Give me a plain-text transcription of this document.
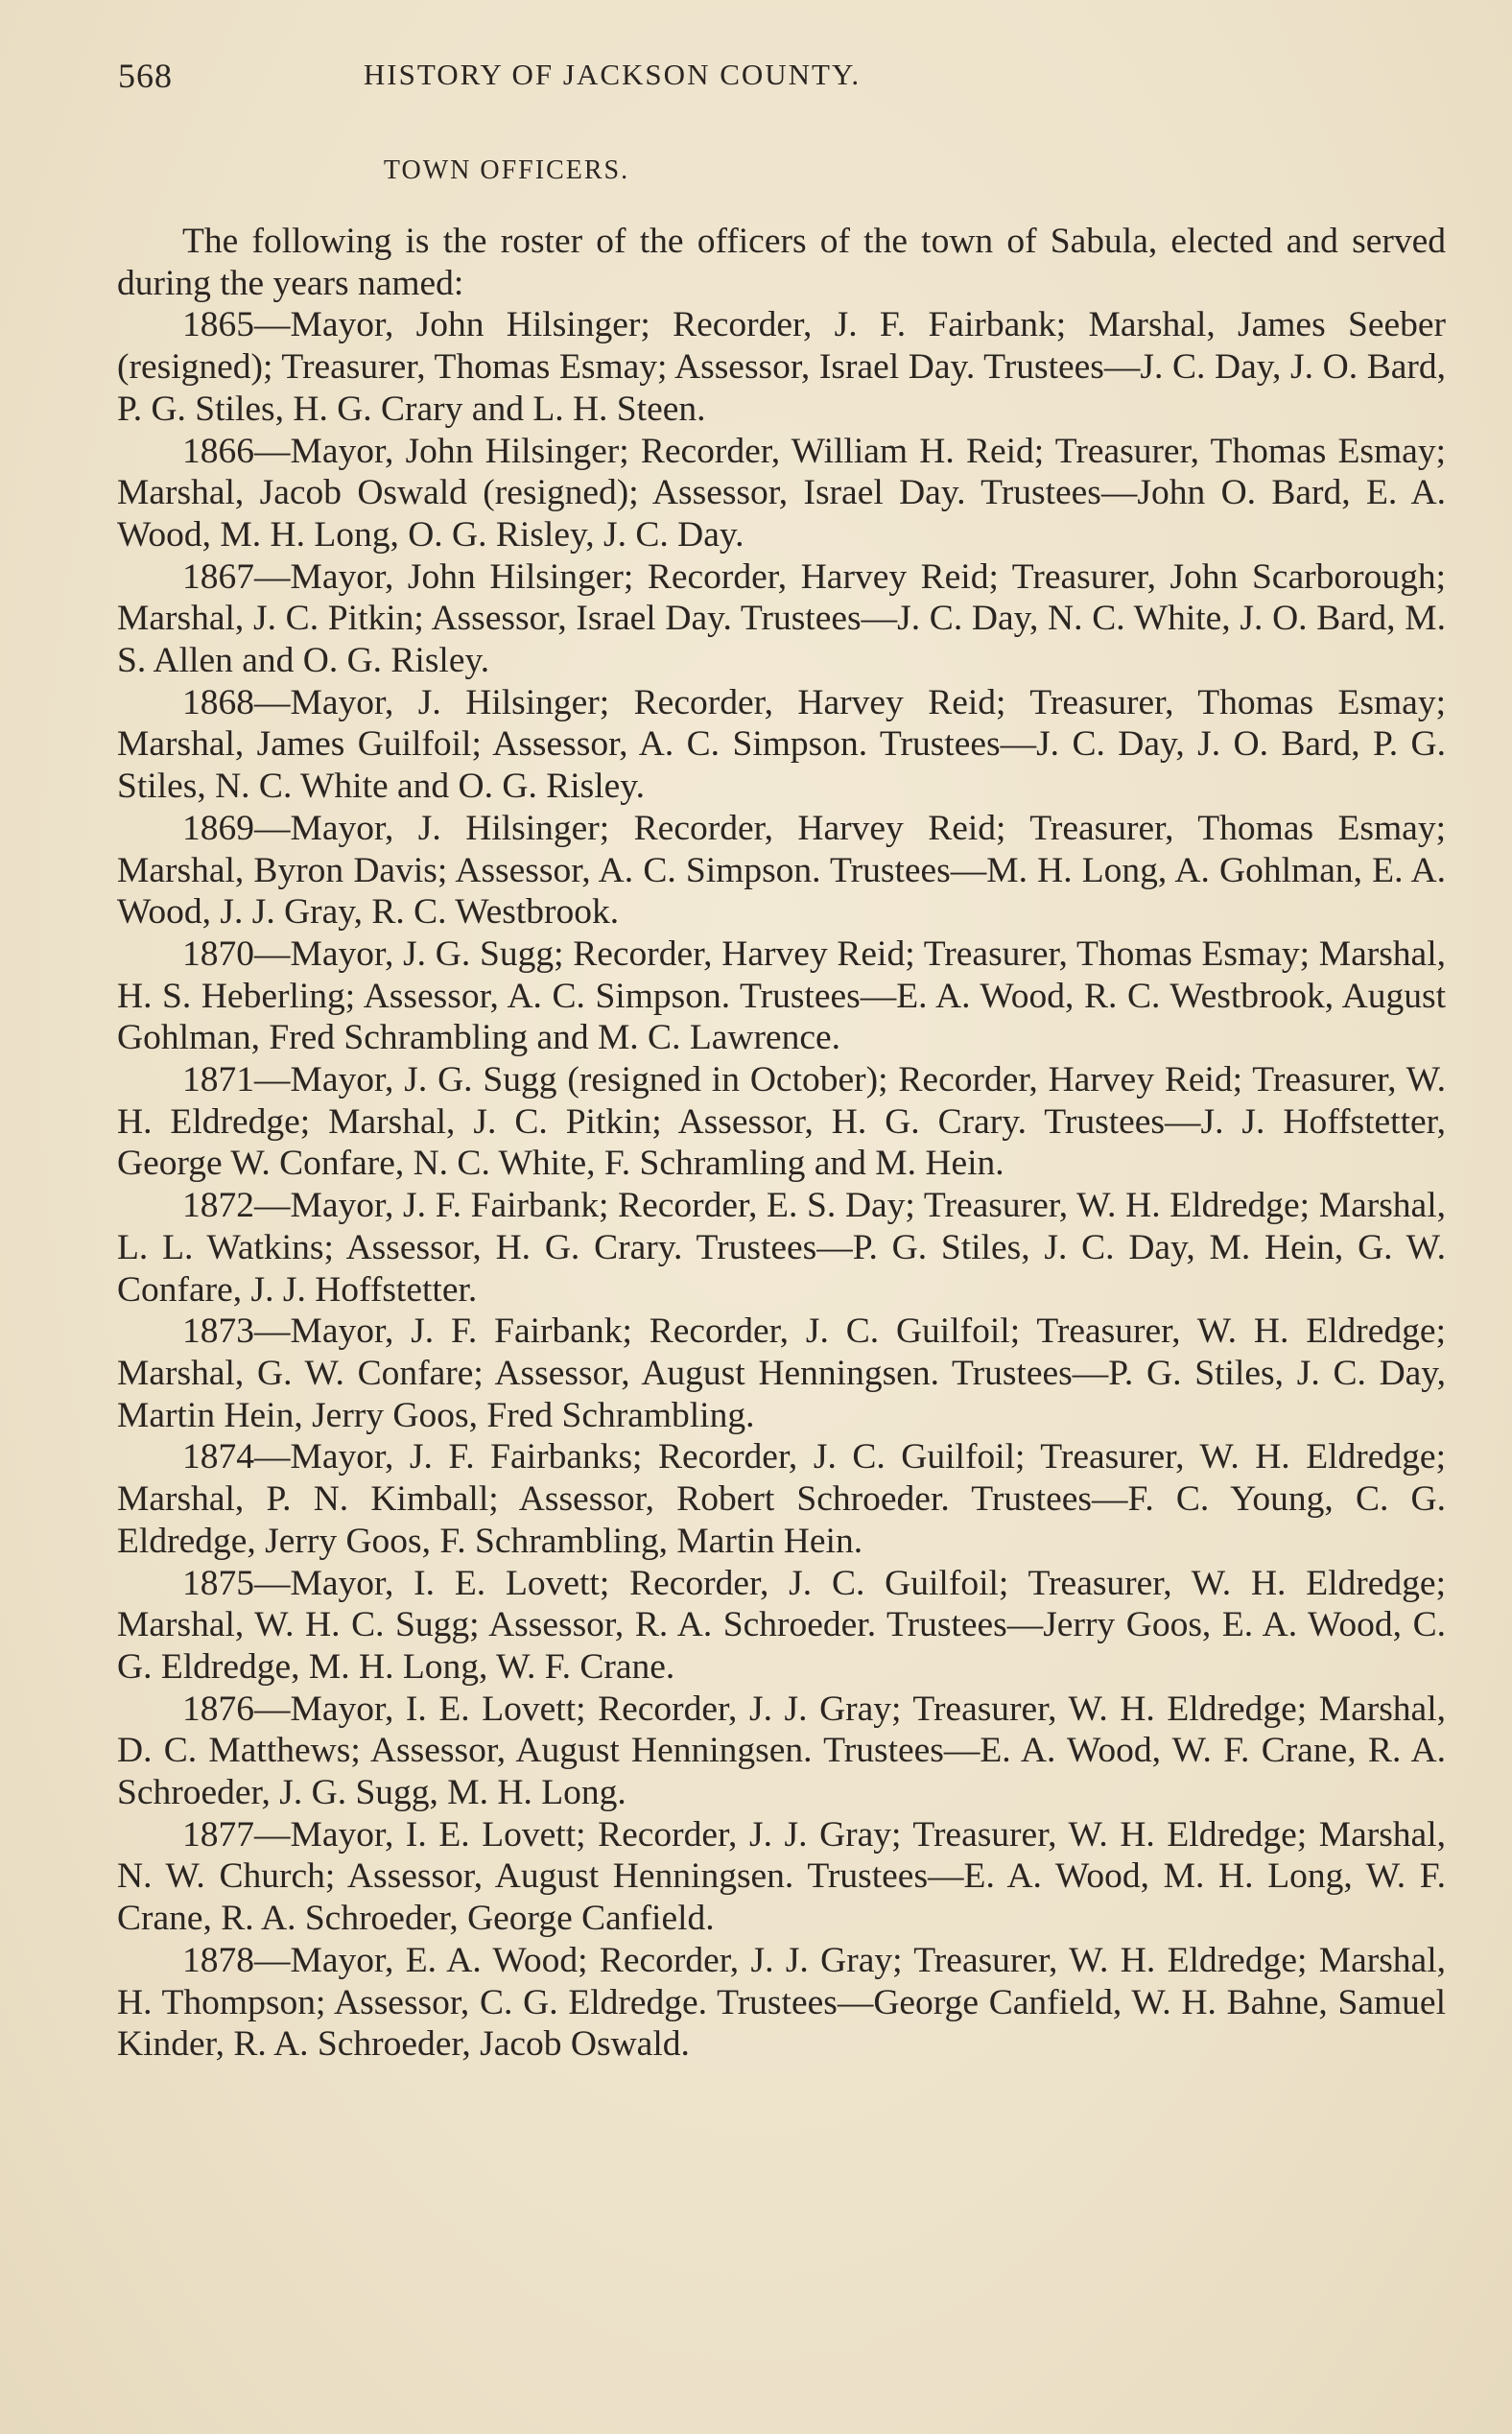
568	HISTORY OF JACKSON COUNTY.
TOWN OFFICERS.

The following is the roster of the officers of the town of Sabula, elected and served during the years named:

1865—Mayor, John Hilsinger; Recorder, J. F. Fairbank; Marshal, James Seeber (resigned); Treasurer, Thomas Esmay; Assessor, Israel Day. Trustees—J. C. Day, J. O. Bard, P. G. Stiles, H. G. Crary and L. H. Steen.

1866—Mayor, John Hilsinger; Recorder, William H. Reid; Treasurer, Thomas Esmay; Marshal, Jacob Oswald (resigned); Assessor, Israel Day. Trustees—John O. Bard, E. A. Wood, M. H. Long, O. G. Risley, J. C. Day.

1867—Mayor, John Hilsinger; Recorder, Harvey Reid; Treasurer, John Scarborough; Marshal, J. C. Pitkin; Assessor, Israel Day. Trustees—J. C. Day, N. C. White, J. O. Bard, M. S. Allen and O. G. Risley.

1868—Mayor, J. Hilsinger; Recorder, Harvey Reid; Treasurer, Thomas Esmay; Marshal, James Guilfoil; Assessor, A. C. Simpson. Trustees—J. C. Day, J. O. Bard, P. G. Stiles, N. C. White and O. G. Risley.

1869—Mayor, J. Hilsinger; Recorder, Harvey Reid; Treasurer, Thomas Esmay; Marshal, Byron Davis; Assessor, A. C. Simpson. Trustees—M. H. Long, A. Gohlman, E. A. Wood, J. J. Gray, R. C. Westbrook.

1870—Mayor, J. G. Sugg; Recorder, Harvey Reid; Treasurer, Thomas Esmay; Marshal, H. S. Heberling; Assessor, A. C. Simpson. Trustees—E. A. Wood, R. C. Westbrook, August Gohlman, Fred Schrambling and M. C. Lawrence.

1871—Mayor, J. G. Sugg (resigned in October); Recorder, Harvey Reid; Treasurer, W. H. Eldredge; Marshal, J. C. Pitkin; Assessor, H. G. Crary. Trustees—J. J. Hoffstetter, George W. Confare, N. C. White, F. Schramling and M. Hein.

1872—Mayor, J. F. Fairbank; Recorder, E. S. Day; Treasurer, W. H. Eldredge; Marshal, L. L. Watkins; Assessor, H. G. Crary. Trustees—P. G. Stiles, J. C. Day, M. Hein, G. W. Confare, J. J. Hoffstetter.

1873—Mayor, J. F. Fairbank; Recorder, J. C. Guilfoil; Treasurer, W. H. Eldredge; Marshal, G. W. Confare; Assessor, August Henningsen. Trustees—P. G. Stiles, J. C. Day, Martin Hein, Jerry Goos, Fred Schrambling.

1874—Mayor, J. F. Fairbanks; Recorder, J. C. Guilfoil; Treasurer, W. H. Eldredge; Marshal, P. N. Kimball; Assessor, Robert Schroeder. Trustees—F. C. Young, C. G. Eldredge, Jerry Goos, F. Schrambling, Martin Hein.

1875—Mayor, I. E. Lovett; Recorder, J. C. Guilfoil; Treasurer, W. H. Eldredge; Marshal, W. H. C. Sugg; Assessor, R. A. Schroeder. Trustees—Jerry Goos, E. A. Wood, C. G. Eldredge, M. H. Long, W. F. Crane.

1876—Mayor, I. E. Lovett; Recorder, J. J. Gray; Treasurer, W. H. Eldredge; Marshal, D. C. Matthews; Assessor, August Henningsen. Trustees—E. A. Wood, W. F. Crane, R. A. Schroeder, J. G. Sugg, M. H. Long.

1877—Mayor, I. E. Lovett; Recorder, J. J. Gray; Treasurer, W. H. Eldredge; Marshal, N. W. Church; Assessor, August Henningsen. Trustees—E. A. Wood, M. H. Long, W. F. Crane, R. A. Schroeder, George Canfield.

1878—Mayor, E. A. Wood; Recorder, J. J. Gray; Treasurer, W. H. Eldredge; Marshal, H. Thompson; Assessor, C. G. Eldredge. Trustees—George Canfield, W. H. Bahne, Samuel Kinder, R. A. Schroeder, Jacob Oswald.
